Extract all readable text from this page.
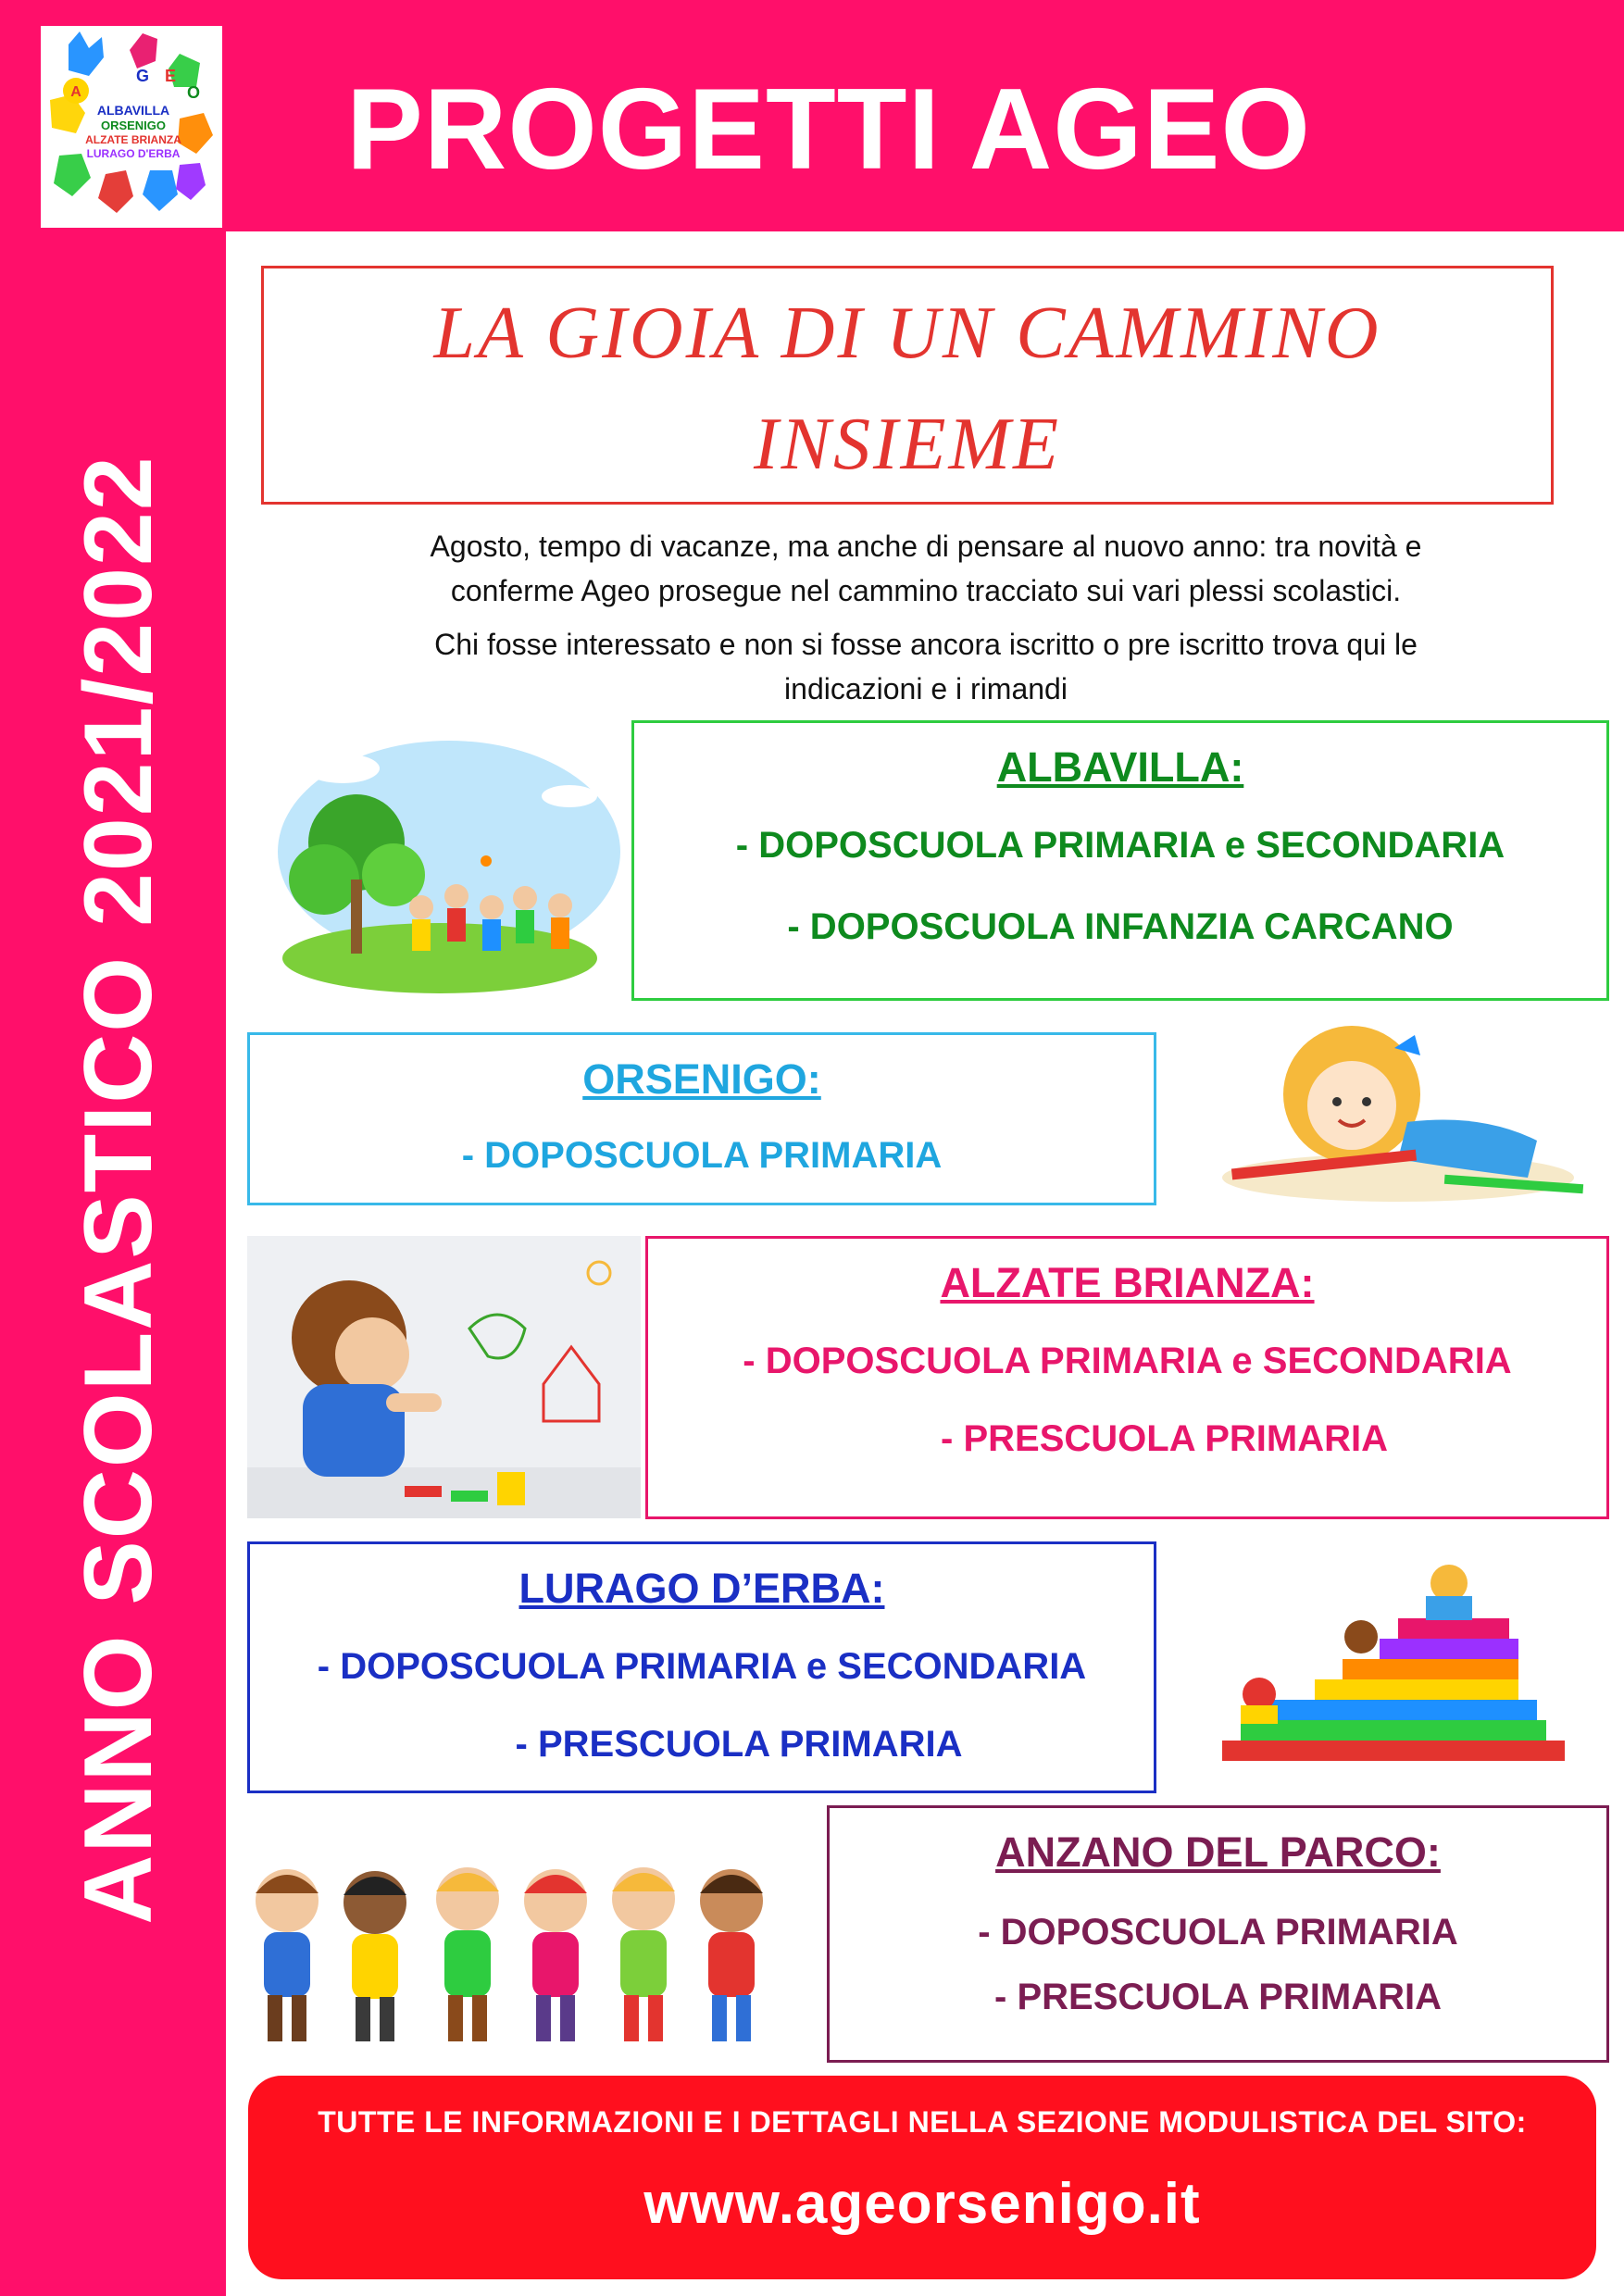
A
G E
O
ALBAVILLA
ORSENIGO
ALZATE BRIANZA
LURAGO D'ERBA	PROGETTI AGEO
ANNO SCOLASTICO 2021/2022
LA GIOIA DI UN CAMMINO
INSIEME

Agosto, tempo di vacanze, ma anche di pensare al nuovo anno: tra novità e
conferme Ageo prosegue nel cammino tracciato sui vari plessi scolastici.

Chi fosse interessato e non si fosse ancora iscritto o pre iscritto trova qui le
indicazioni e i rimandi

ALBAVILLA:
- DOPOSCUOLA PRIMARIA e SECONDARIA
- DOPOSCUOLA INFANZIA CARCANO
ORSENIGO:
- DOPOSCUOLA PRIMARIA
ALZATE BRIANZA:
- DOPOSCUOLA PRIMARIA e SECONDARIA
- PRESCUOLA PRIMARIA
LURAGO D’ERBA:
- DOPOSCUOLA PRIMARIA e SECONDARIA
- PRESCUOLA PRIMARIA
ANZANO DEL PARCO:
- DOPOSCUOLA PRIMARIA
- PRESCUOLA PRIMARIA
TUTTE LE INFORMAZIONI E I DETTAGLI NELLA SEZIONE MODULISTICA DEL SITO:
www.ageorsenigo.it
